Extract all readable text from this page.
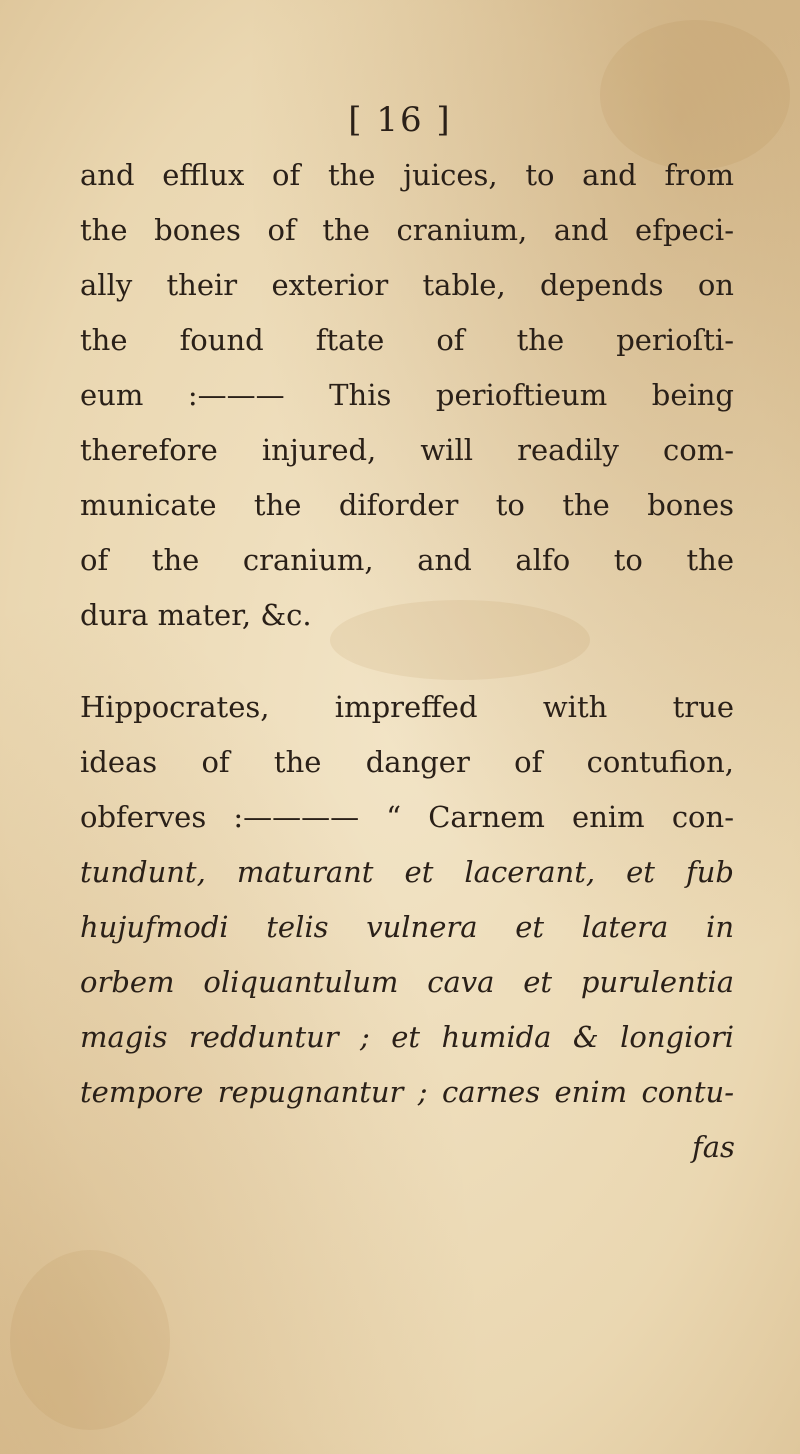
[ 16 ]
and efflux of the juices, to and from
the bones of the cranium, and efpeci-
ally their exterior table, depends on
the found ftate of the perioſti-
eum :——— This perioftieum being
therefore injured, will readily com-
municate the diforder to the bones
of the cranium, and alfo to the
dura mater, &c.
Hippocrates, impreffed with true
ideas of the danger of contufion,
obferves :———— “ Carnem enim con-
tundunt, maturant et lacerant, et fub
hujufmodi telis vulnera et latera in
orbem oliquantulum cava et purulentia
magis redduntur ; et humida & longiori
tempore repugnantur ; carnes enim contu-
fas
